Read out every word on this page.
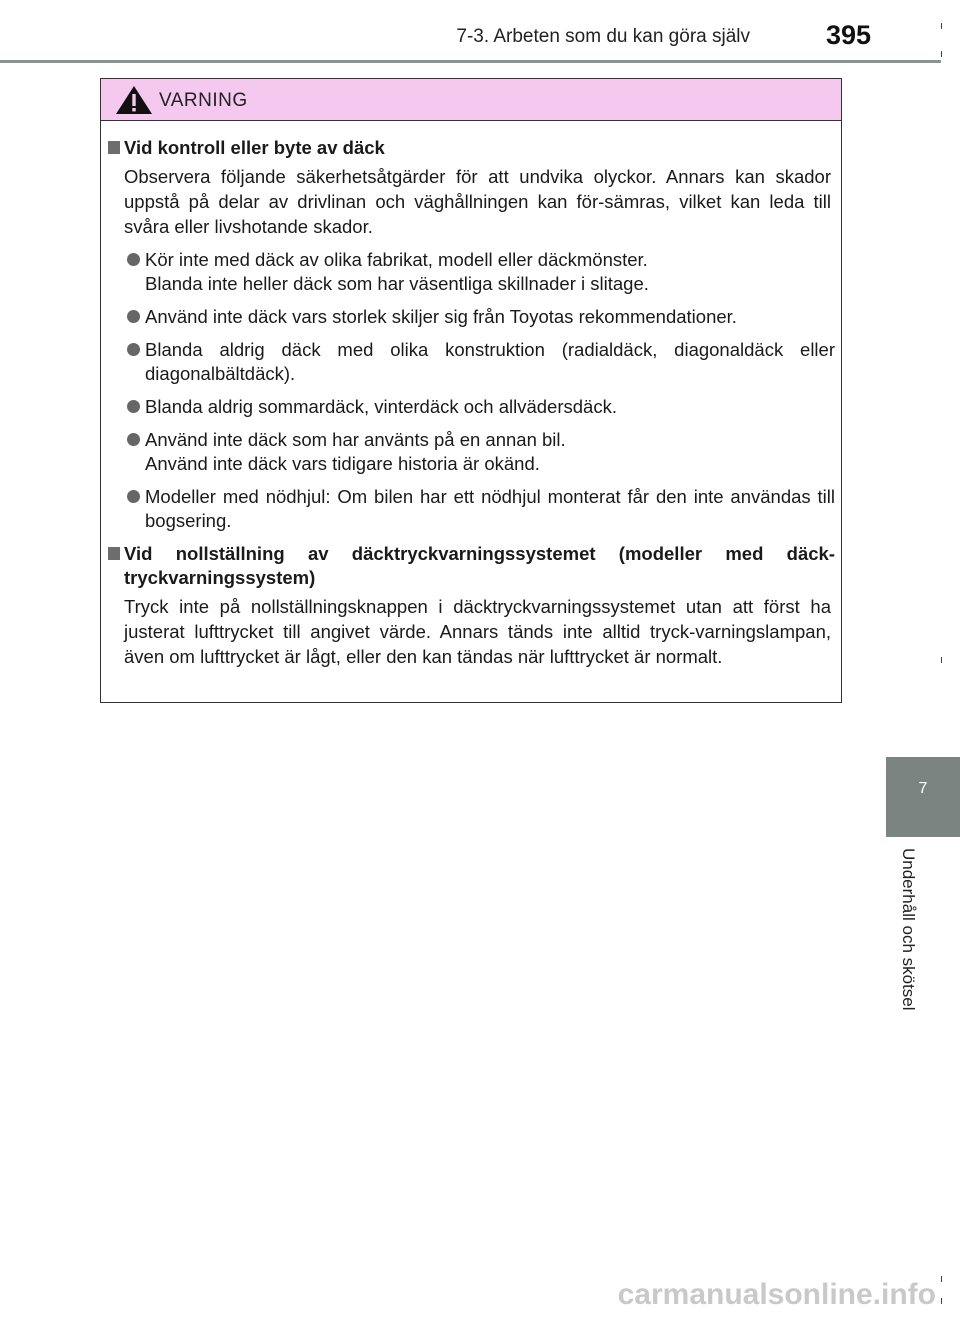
7-3. Arbeten som du kan göra själv	395
7
Underhåll och skötsel
VARNING
Vid kontroll eller byte av däck
Observera följande säkerhetsåtgärder för att undvika olyckor. Annars kan skador uppstå på delar av drivlinan och väghållningen kan för-sämras, vilket kan leda till svåra eller livshotande skador.
Kör inte med däck av olika fabrikat, modell eller däckmönster.
Blanda inte heller däck som har väsentliga skillnader i slitage.
Använd inte däck vars storlek skiljer sig från Toyotas rekommendationer.
Blanda aldrig däck med olika konstruktion (radialdäck, diagonaldäck eller diagonalbältdäck).
Blanda aldrig sommardäck, vinterdäck och allvädersdäck.
Använd inte däck som har använts på en annan bil.
Använd inte däck vars tidigare historia är okänd.
Modeller med nödhjul: Om bilen har ett nödhjul monterat får den inte användas till bogsering.
Vid nollställning av däcktryckvarningssystemet (modeller med däck-tryckvarningssystem)
Tryck inte på nollställningsknappen i däcktryckvarningssystemet utan att först ha justerat lufttrycket till angivet värde. Annars tänds inte alltid tryck-varningslampan, även om lufttrycket är lågt, eller den kan tändas när lufttrycket är normalt.
carmanualsonline.info
